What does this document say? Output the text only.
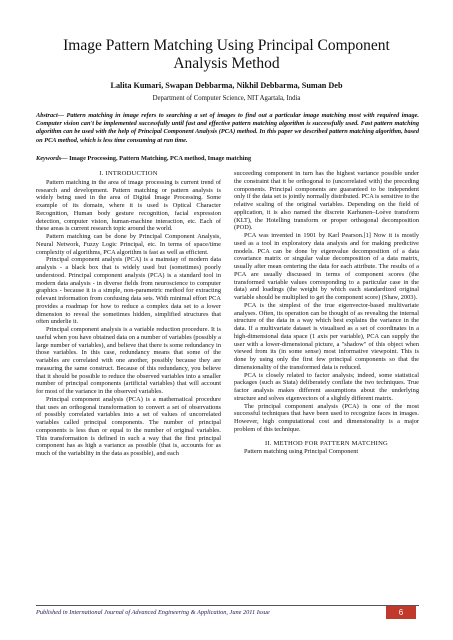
Image Pattern Matching Using Principal Component Analysis Method
Lalita Kumari, Swapan Debbarma, Nikhil Debbarma, Suman Deb
Department of Computer Science, NIT Agartala, India

Abstract— Pattern matching in image refers to searching a set of images to find out a particular image matching most with required image. Computer vision can't be implemented successfully until fast and effective pattern matching algorithm is successfully used. Fast pattern matching algorithm can be used with the help of Principal Component Analysis (PCA) method. In this paper we described pattern matching algorithm, based on PCA method, which is less time consuming at run time.

Keywords— Image Processing, Pattern Matching, PCA method, Image matching

I. INTRODUCTION

Pattern matching in the area of image processing is current trend of research and development. Pattern matching or pattern analysis is widely being used in the area of Digital Image Processing. Some example of its domain, where it is used is Optical Character Recognition, Human body gesture recognition, facial expression detection, computer vision, human-machine interaction, etc. Each of these areas is current research topic around the world.

Pattern matching can be done by Principal Component Analysis, Neural Network, Fuzzy Logic Principal, etc. In terms of space/time complexity of algorithms, PCA algorithm is fast as well as efficient.

Principal component analysis (PCA) is a mainstay of modern data analysis - a black box that is widely used but (sometimes) poorly understood. Principal component analysis (PCA) is a standard tool in modern data analysis - in diverse fields from neuroscience to computer graphics - because it is a simple, non-parametric method for extracting relevant information from confusing data sets. With minimal effort PCA provides a roadmap for how to reduce a complex data set to a lower dimension to reveal the sometimes hidden, simplified structures that often underlie it.

Principal component analysis is a variable reduction procedure. It is useful when you have obtained data on a number of variables (possibly a large number of variables), and believe that there is some redundancy in those variables. In this case, redundancy means that some of the variables are correlated with one another, possibly because they are measuring the same construct. Because of this redundancy, you believe that it should be possible to reduce the observed variables into a smaller number of principal components (artificial variables) that will account for most of the variance in the observed variables.

Principal component analysis (PCA) is a mathematical procedure that uses an orthogonal transformation to convert a set of observations of possibly correlated variables into a set of values of uncorrelated variables called principal components. The number of principal components is less than or equal to the number of original variables. This transformation is defined in such a way that the first principal component has as high a variance as possible (that is, accounts for as much of the variability in the data as possible), and each

succeeding component in turn has the highest variance possible under the constraint that it be orthogonal to (uncorrelated with) the preceding components. Principal components are guaranteed to be independent only if the data set is jointly normally distributed. PCA is sensitive to the relative scaling of the original variables. Depending on the field of application, it is also named the discrete Karhunen–Loève transform (KLT), the Hotelling transform or proper orthogonal decomposition (POD).

PCA was invented in 1901 by Karl Pearson.[1] Now it is mostly used as a tool in exploratory data analysis and for making predictive models. PCA can be done by eigenvalue decomposition of a data covariance matrix or singular value decomposition of a data matrix, usually after mean centering the data for each attribute. The results of a PCA are usually discussed in terms of component scores (the transformed variable values corresponding to a particular case in the data) and loadings (the weight by which each standardized original variable should be multiplied to get the component score) (Shaw, 2003).

PCA is the simplest of the true eigenvector-based multivariate analyses. Often, its operation can be thought of as revealing the internal structure of the data in a way which best explains the variance in the data. If a multivariate dataset is visualised as a set of coordinates in a high-dimensional data space (1 axis per variable), PCA can supply the user with a lower-dimensional picture, a "shadow" of this object when viewed from its (in some sense) most informative viewpoint. This is done by using only the first few principal components so that the dimensionality of the transformed data is reduced.

PCA is closely related to factor analysis; indeed, some statistical packages (such as Stata) deliberately conflate the two techniques. True factor analysis makes different assumptions about the underlying structure and solves eigenvectors of a slightly different matrix.

The principal component analysis (PCA) is one of the most successful techniques that have been used to recognize faces in images. However, high computational cost and dimensionality is a major problem of this technique.

II. METHOD FOR PATTERN MATCHING

Pattern matching using Principal Component

Published in International Journal of Advanced Engineering & Application, June 2011 Issue	6
